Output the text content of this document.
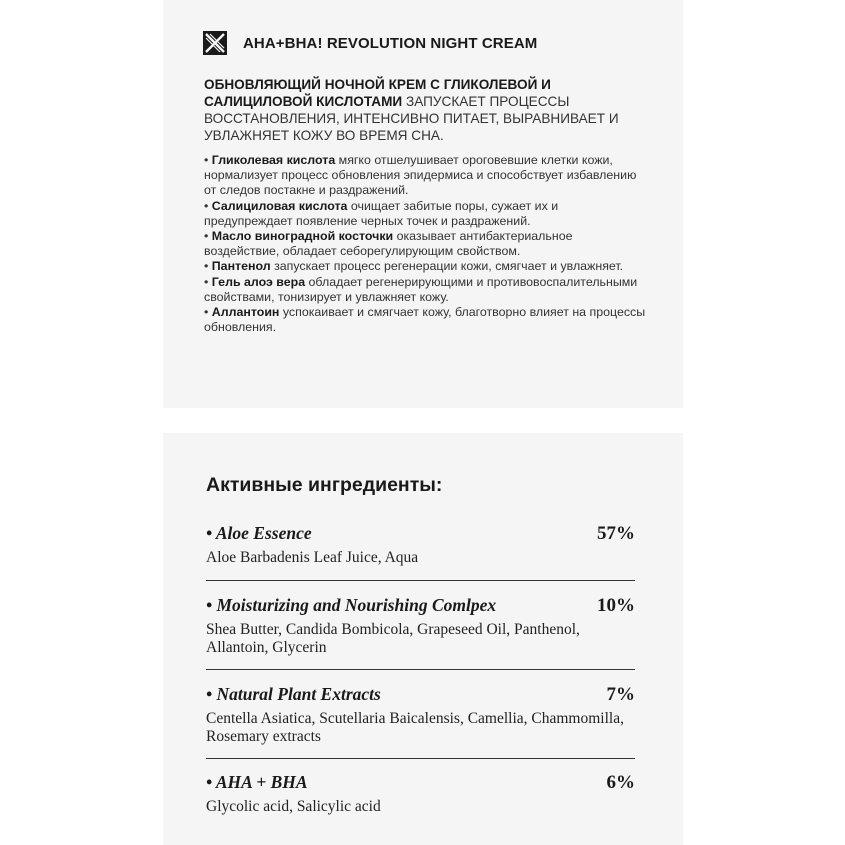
AHA+BHA! REVOLUTION NIGHT CREAM
ОБНОВЛЯЮЩИЙ НОЧНОЙ КРЕМ С ГЛИКОЛЕВОЙ И САЛИЦИЛОВОЙ КИСЛОТАМИ ЗАПУСКАЕТ ПРОЦЕССЫ ВОССТАНОВЛЕНИЯ, ИНТЕНСИВНО ПИТАЕТ, ВЫРАВНИВАЕТ И УВЛАЖНЯЕТ КОЖУ ВО ВРЕМЯ СНА.

• Гликолевая кислота мягко отшелушивает ороговевшие клетки кожи, нормализует процесс обновления эпидермиса и способствует избавлению от следов постакне и раздражений.

• Салициловая кислота очищает забитые поры, сужает их и предупреждает появление черных точек и раздражений.

• Масло виноградной косточки оказывает антибактериальное воздействие, обладает себорегулирующим свойством.

• Пантенол запускает процесс регенерации кожи, смягчает и увлажняет.

• Гель алоэ вера обладает регенерирующими и противовоспалительными свойствами, тонизирует и увлажняет кожу.

• Аллантоин успокаивает и смягчает кожу, благотворно влияет на процессы обновления.

Активные ингредиенты:
• Aloe Essence	57%
Aloe Barbadenis Leaf Juice, Aqua
• Moisturizing and Nourishing Comlpex	10%
Shea Butter, Candida Bombicola, Grapeseed Oil, Panthenol, Allantoin, Glycerin
• Natural Plant Extracts	7%
Centella Asiatica, Scutellaria Baicalensis, Camellia, Chammomilla, Rosemary extracts
• AHA + BHA	6%
Glycolic acid, Salicylic acid
